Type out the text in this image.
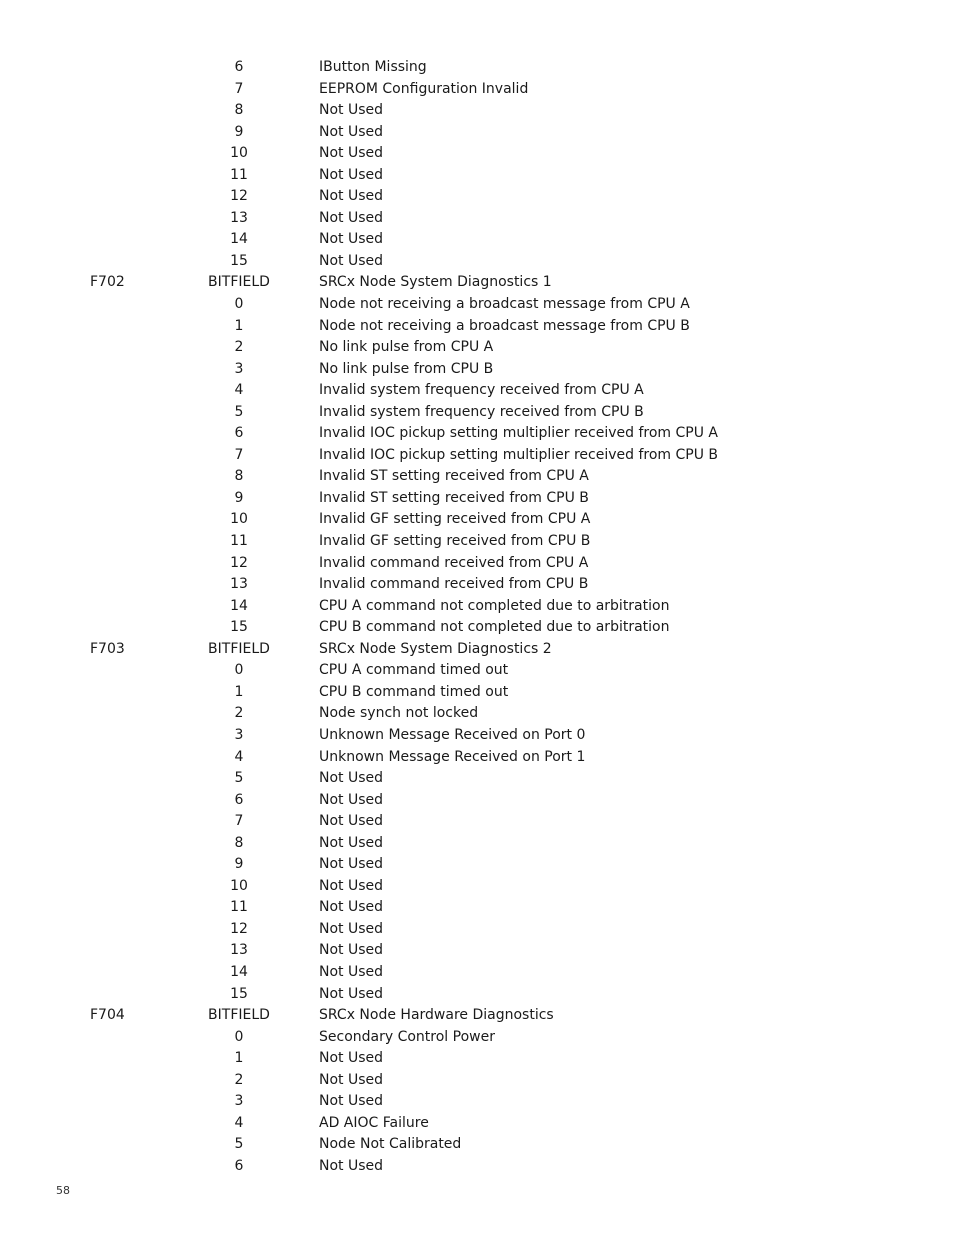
6	IButton Missing
7	EEPROM Configuration Invalid
8	Not Used
9	Not Used
10	Not Used
11	Not Used
12	Not Used
13	Not Used
14	Not Used
15	Not Used
F702	BITFIELD	SRCx Node System Diagnostics 1
0	Node not receiving a broadcast message from CPU A
1	Node not receiving a broadcast message from CPU B
2	No link pulse from CPU A
3	No link pulse from CPU B
4	Invalid system frequency received from CPU A
5	Invalid system frequency received from CPU B
6	Invalid IOC pickup setting multiplier received from CPU A
7	Invalid IOC pickup setting multiplier received from CPU B
8	Invalid ST setting received from CPU A
9	Invalid ST setting received from CPU B
10	Invalid GF setting received from CPU A
11	Invalid GF setting received from CPU B
12	Invalid command received from CPU A
13	Invalid command received from CPU B
14	CPU A command not completed due to arbitration
15	CPU B command not completed due to arbitration
F703	BITFIELD	SRCx Node System Diagnostics 2
0	CPU A command timed out
1	CPU B command timed out
2	Node synch not locked
3	Unknown Message Received on Port 0
4	Unknown Message Received on Port 1
5	Not Used
6	Not Used
7	Not Used
8	Not Used
9	Not Used
10	Not Used
11	Not Used
12	Not Used
13	Not Used
14	Not Used
15	Not Used
F704	BITFIELD	SRCx Node Hardware Diagnostics
0	Secondary Control Power
1	Not Used
2	Not Used
3	Not Used
4	AD AIOC Failure
5	Node Not Calibrated
6	Not Used
58
